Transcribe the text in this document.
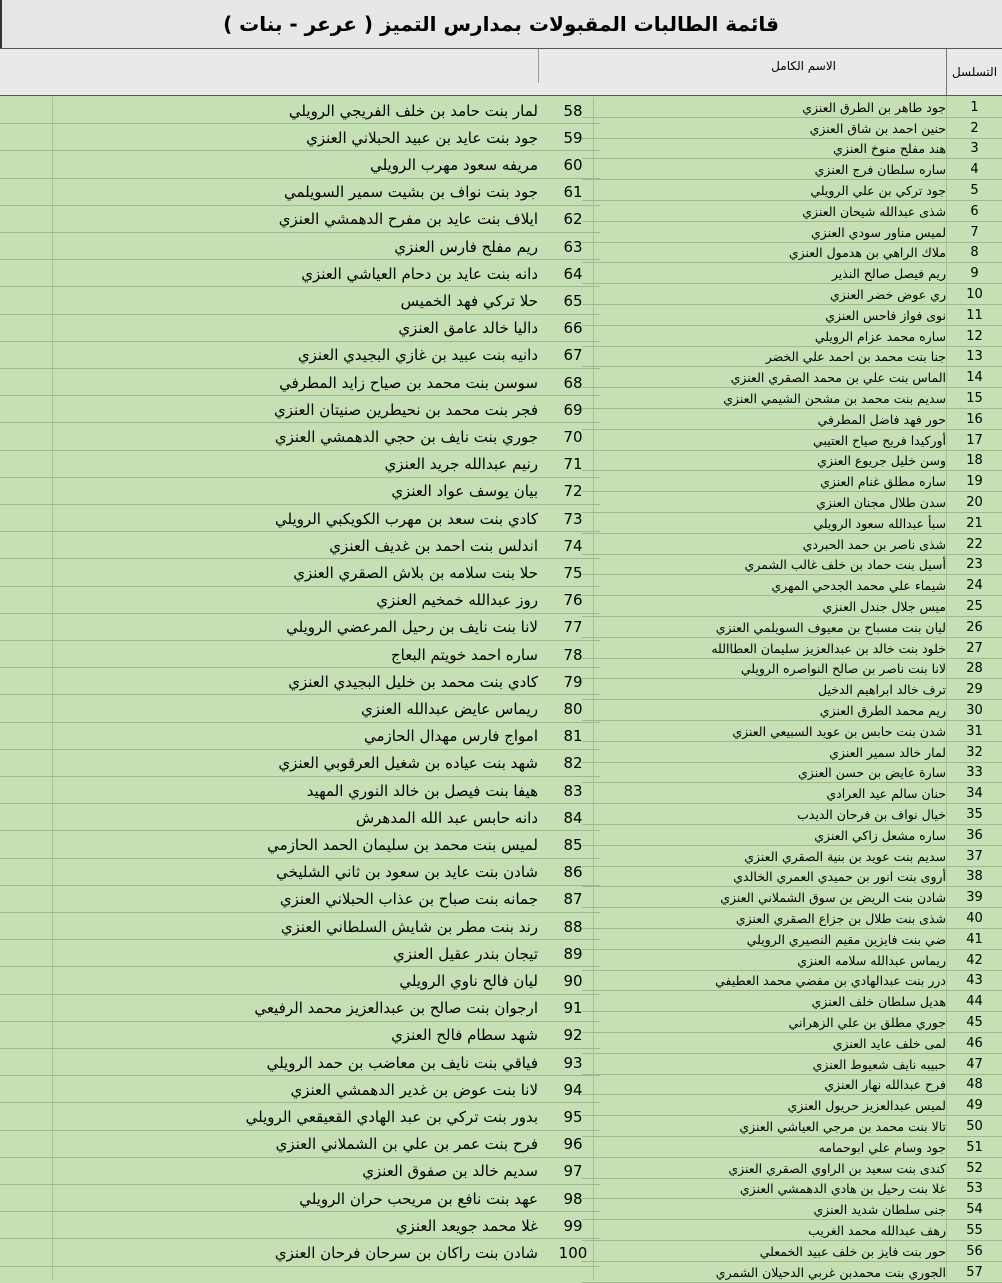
قائمة الطالبات المقبولات بمدارس التميز ( عرعر - بنات )
الاسم الكامل	التسلسل
1
جود طاهر بن الطرق العنزي
2
حنين احمد بن شاق العنزي
3
هند مفلح منوخ العنزي
4
ساره سلطان فرج العنزي
5
جود تركي بن علي الرويلي
6
شذى عبدالله شيحان العنزي
7
لميس مناور سودي العنزي
8
ملاك الراهي بن هدمول العنزي
9
ريم فيصل صالح النذير
10
ري عوض خضر العنزي
11
نوى فواز فاحس العنزي
12
ساره محمد عزام الرويلي
13
جنا بنت محمد بن احمد علي الخضر
14
الماس بنت علي بن محمد الصقري العنزي
15
سديم بنت محمد بن مشحن الشيمي العنزي
16
حور فهد فاضل المطرفي
17
أوركيدا فريح صياح العتيبي
18
وسن خليل جريوع العنزي
19
ساره مطلق غنام العنزي
20
سدن طلال مجنان العنزي
21
سبأ عبدالله سعود الرويلي
22
شذى ناصر بن حمد الحبردي
23
أسيل بنت حماد بن خلف غالب الشمري
24
شيماء علي محمد الجدحي المهري
25
ميس جلال جندل العنزي
26
ليان بنت مسباح بن معيوف السويلمي العنزي
27
خلود بنت خالد بن عبدالعزيز سليمان العطاالله
28
لانا بنت ناصر بن صالح النواصره الرويلي
29
ترف خالد ابراهيم الدخيل
30
ريم محمد الطرق العنزي
31
شدن بنت حابس بن عويد السبيعي العنزي
32
لمار خالد سمير العنزي
33
سارة عايض بن حسن العنزي
34
حنان سالم عيد العرادي
35
خيال نواف بن فرحان الديدب
36
ساره مشعل زاكي العنزي
37
سديم بنت عويد بن بنية الصقري العنزي
38
أروى بنت انور بن حميدي العمري الخالدي
39
شادن بنت الريض بن سوق الشملاني العنزي
40
شذى بنت طلال بن جزاع الصقري العنزي
41
ضي بنت فايزين مقيم النصيري الرويلي
42
ريماس عبدالله سلامه العنزي
43
درر بنت عبدالهادي بن مفضي محمد العطيفي
44
هديل سلطان خلف العنزي
45
جوري مطلق بن علي الزهراني
46
لمى خلف عايد العنزي
47
حبيبه نايف شعيوط العنزي
48
فرح عبدالله نهار العنزي
49
لميس عبدالعزيز حريول العنزي
50
تالا بنت محمد بن مرجي العياشي العنزي
51
جود وسام علي ابوحمامه
52
كندى بنت سعيد بن الراوي الصقري العنزي
53
غلا بنت رحيل بن هادي الدهمشي العنزي
54
جنى سلطان شديد العنزي
55
رهف عبدالله محمد الغريب
56
حور بنت فايز بن خلف عبيد الخمعلي
57
الجوري بنت محمدبن غربي الدحيلان الشمري
58
لمار بنت حامد بن خلف الفريجي الرويلي
59
جود بنت عايد بن عبيد الحبلاني العنزي
60
مريفه سعود مهرب الرويلي
61
جود بنت نواف بن بشيت سمير السويلمي
62
ايلاف بنت عايد بن مفرح الدهمشي العنزي
63
ريم مفلح فارس العنزي
64
دانه بنت عايد بن دحام العياشي العنزي
65
حلا تركي فهد الخميس
66
داليا خالد عامق العنزي
67
دانيه بنت عبيد بن غازي البجيدي العنزي
68
سوسن بنت محمد بن صياح زايد المطرفي
69
فجر بنت محمد بن نحيطرين صنيتان العنزي
70
جوري بنت نايف بن حجي الدهمشي العنزي
71
رنيم عبدالله جريد العنزي
72
بيان يوسف عواد العنزي
73
كادي بنت سعد بن مهرب الكويكبي الرويلي
74
اندلس بنت احمد بن غديف العنزي
75
حلا بنت سلامه بن بلاش الصقري العنزي
76
روز عبدالله خمخيم العنزي
77
لانا بنت نايف بن رحيل المرعضي الرويلي
78
ساره احمد خويتم البعاج
79
كادي بنت محمد بن خليل البجيدي العنزي
80
ريماس عايض عبدالله العنزي
81
امواج فارس مهدال الحازمي
82
شهد بنت عياده بن شغيل العرقوبي العنزي
83
هيفا بنت فيصل بن خالد النوري المهيد
84
دانه حابس عبد الله المدهرش
85
لميس بنت محمد بن سليمان الحمد الحازمي
86
شادن بنت عايد بن سعود بن ثاني الشليخي
87
جمانه بنت صباح بن عذاب الحبلاني العنزي
88
رند بنت مطر بن شايش السلطاني العنزي
89
تيجان بندر عقيل العنزي
90
ليان فالح ناوي الرويلي
91
ارجوان بنت صالح بن عبدالعزيز محمد الرفيعي
92
شهد سطام فالح العنزي
93
فياقي بنت نايف بن معاضب بن حمد الرويلي
94
لانا بنت عوض بن غدير الدهمشي العنزي
95
بدور بنت تركي بن عبد الهادي القعيقعي الرويلي
96
فرح بنت عمر بن علي بن الشملاني العنزي
97
سديم خالد بن صفوق العنزي
98
عهد بنت نافع بن مريحب حران الرويلي
99
غلا محمد جويعد العنزي
100
شادن بنت راكان بن سرحان فرحان العنزي
